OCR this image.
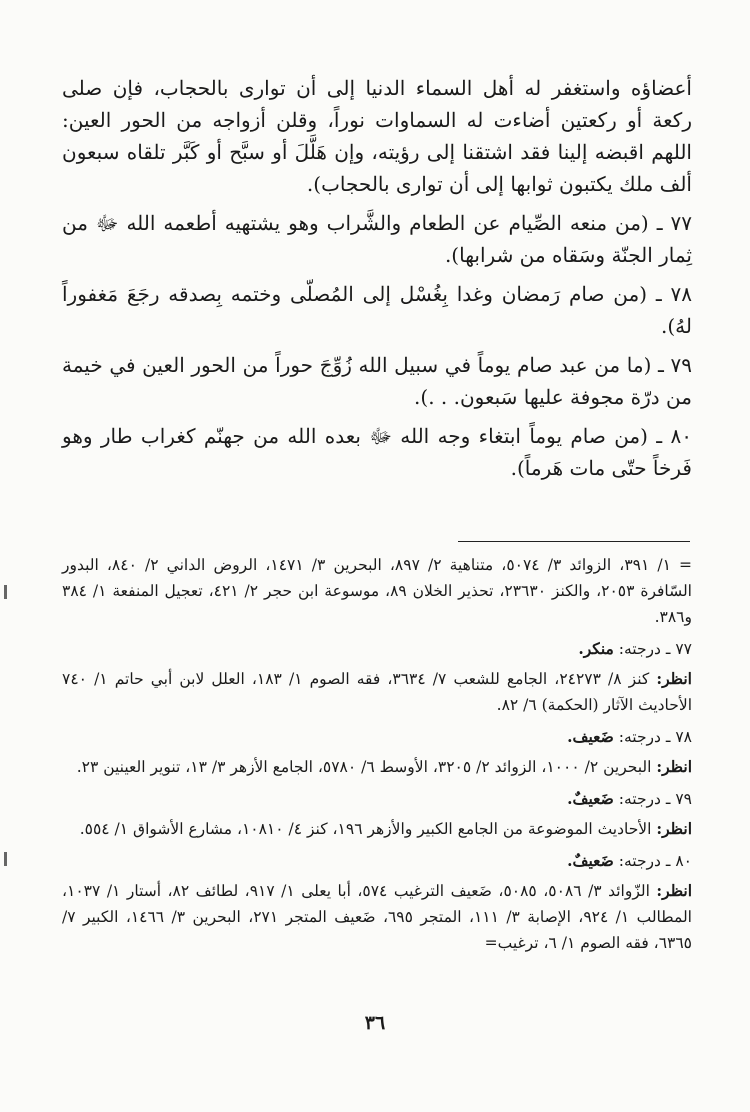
أعضاؤه واستغفر له أهل السماء الدنيا إلى أن توارى بالحجاب، فإن صلى ركعة أو ركعتين أضاءت له السماوات نوراً، وقلن أزواجه من الحور العين: اللهم اقبضه إلينا فقد اشتقنا إلى رؤيته، وإن هَلَّلَ أو سبَّح أو كَبَّر تلقاه سبعون ألف ملك يكتبون ثوابها إلى أن توارى بالحجاب).

٧٧ ـ (من منعه الصِّيام عن الطعام والشَّراب وهو يشتهيه أطعمه الله ﷻ من ثِمار الجنّة وسَقاه من شرابها).

٧٨ ـ (من صام رَمضان وغدا بِغُسْل إلى المُصلّى وختمه بِصدقه رجَعَ مَغفوراً لهُ).

٧٩ ـ (ما من عبد صام يوماً في سبيل الله زُوِّجَ حوراً من الحور العين في خيمة من درّة مجوفة عليها سَبعون. . .).

٨٠ ـ (من صام يوماً ابتغاء وجه الله ﷻ بعده الله من جهنّم كغراب طار وهو فَرخاً حتّى مات هَرماً).

= ١/ ٣٩١، الزوائد ٣/ ٥٠٧٤، متناهية ٢/ ٨٩٧، البحرين ٣/ ١٤٧١، الروض الداني ٢/ ٨٤٠، البدور السّافرة ٢٠٥٣، والكنز ٢٣٦٣٠، تحذير الخلان ٨٩، موسوعة ابن حجر ٢/ ٤٢١، تعجيل المنفعة ١/ ٣٨٤ و٣٨٦.

٧٧ ـ درجته: منكر.

انظر: كنز ٨/ ٢٤٢٧٣، الجامع للشعب ٧/ ٣٦٣٤، فقه الصوم ١/ ١٨٣، العلل لابن أبي حاتم ١/ ٧٤٠ الأحاديث الآثار (الحكمة) ٦/ ٨٢.

٧٨ ـ درجته: ضَعيف.

انظر: البحرين ٢/ ١٠٠٠، الزوائد ٢/ ٣٢٠٥، الأوسط ٦/ ٥٧٨٠، الجامع الأزهر ٣/ ١٣، تنوير العينين ٢٣.

٧٩ ـ درجته: ضَعيفٌ.

انظر: الأحاديث الموضوعة من الجامع الكبير والأزهر ١٩٦، كنز ٤/ ١٠٨١٠، مشارع الأشواق ١/ ٥٥٤.

٨٠ ـ درجته: ضَعيفٌ.

انظر: الزّوائد ٣/ ٥٠٨٦، ٥٠٨٥، ضَعيف الترغيب ٥٧٤، أبا يعلى ١/ ٩١٧، لطائف ٨٢، أستار ١/ ١٠٣٧، المطالب ١/ ٩٢٤، الإصابة ٣/ ١١١، المتجر ٦٩٥، ضَعيف المتجر ٢٧١، البحرين ٣/ ١٤٦٦، الكبير ٧/ ٦٣٦٥، فقه الصوم ١/ ٦، ترغيب=

٣٦
